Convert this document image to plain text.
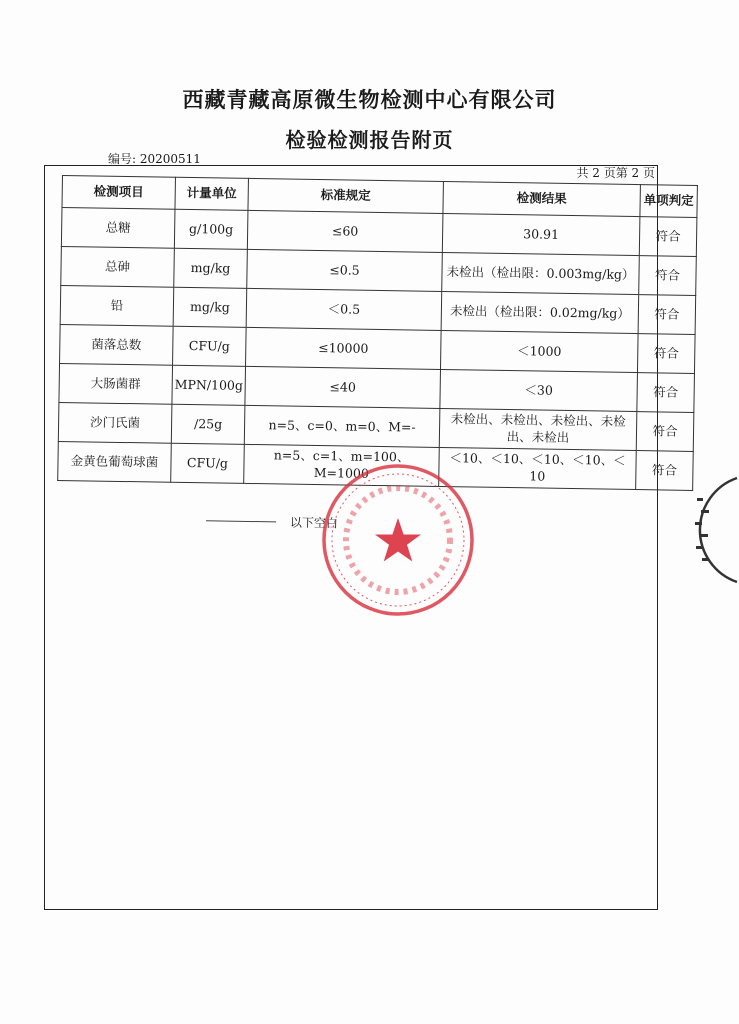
西藏青藏高原微生物检测中心有限公司
检验检测报告附页
编号: 20200511
共 2 页第 2 页
检测项目	计量单位	标准规定	检测结果	单项判定
总糖	g/100g	≤60	30.91	符合
总砷	mg/kg	≤0.5	未检出（检出限：0.003mg/kg）	符合
铅	mg/kg	＜0.5	未检出（检出限：0.02mg/kg）	符合
菌落总数	CFU/g	≤10000	＜1000	符合
大肠菌群	MPN/100g	≤40	＜30	符合
沙门氏菌	/25g	n=5、c=0、m=0、M=-	未检出、未检出、未检出、未检出、未检出	符合
金黄色葡萄球菌	CFU/g	n=5、c=1、m=100、M=1000	＜10、＜10、＜10、＜10、＜10	符合
以下空白
